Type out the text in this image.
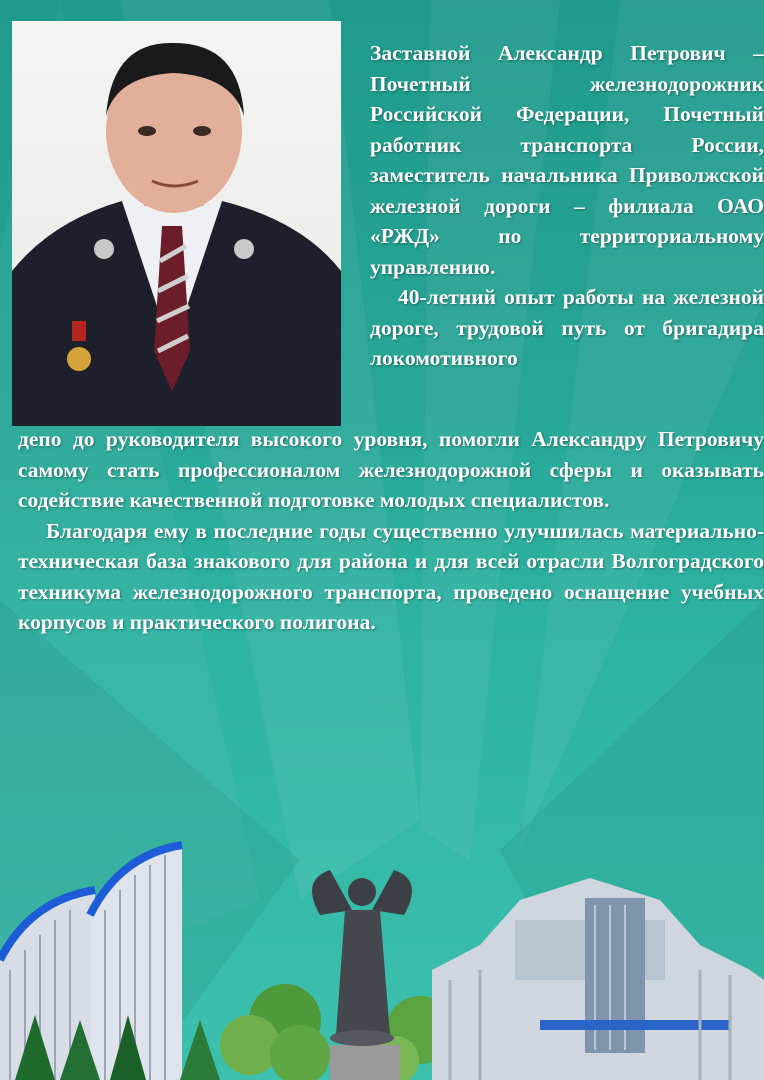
Заставной Александр Петрович – Почетный железнодорожник Российской Федерации, Почетный работник транспорта России, заместитель начальника Приволжской железной дороги – филиала ОАО «РЖД» по территориальному управлению.

40-летний опыт работы на железной дороге, трудовой путь от бригадира локомотивного

депо до руководителя высокого уровня, помогли Александру Петровичу самому стать профессионалом железнодорожной сферы и оказывать содействие качественной подготовке молодых специалистов.

Благодаря ему в последние годы существенно улучшилась материально-техническая база знакового для района и для всей отрасли Волгоградского техникума железнодорожного транспорта, проведено оснащение учебных корпусов и практического полигона.
